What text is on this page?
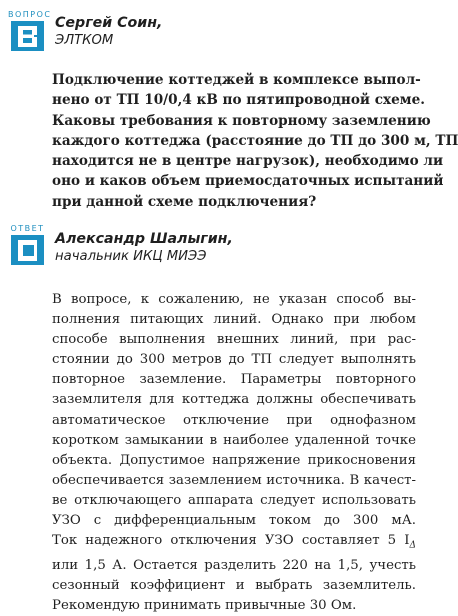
ВОПРОС
Сергей Соин,
ЭЛТКОМ
Подключение коттеджей в комплексе выпол-
нено от ТП 10/0,4 кВ по пятипроводной схеме.
Каковы требования к повторному заземлению
каждого коттеджа (расстояние до ТП до 300 м, ТП
находится не в центре нагрузок), необходимо ли
оно и каков объем приемосдаточных испытаний
при данной схеме подключения?
ОТВЕТ
Александр Шалыгин,
начальник ИКЦ МИЭЭ
В вопросе, к сожалению, не указан способ вы-
полнения питающих линий. Однако при любом
способе выполнения внешних линий, при рас-
стоянии до 300 метров до ТП следует выполнять
повторное заземление. Параметры повторного
заземлителя для коттеджа должны обеспечивать
автоматическое отключение при однофазном
коротком замыкании в наиболее удаленной точке
объекта. Допустимое напряжение прикосновения
обеспечивается заземлением источника. В качест-
ве отключающего аппарата следует использовать
УЗО с дифференциальным током до 300 мА.
Ток надежного отключения УЗО составляет 5 $I_\Delta$
или 1,5 А. Остается разделить 220 на 1,5, учесть
сезонный коэффициент и выбрать заземлитель.
Рекомендую принимать привычные 30 Ом.
